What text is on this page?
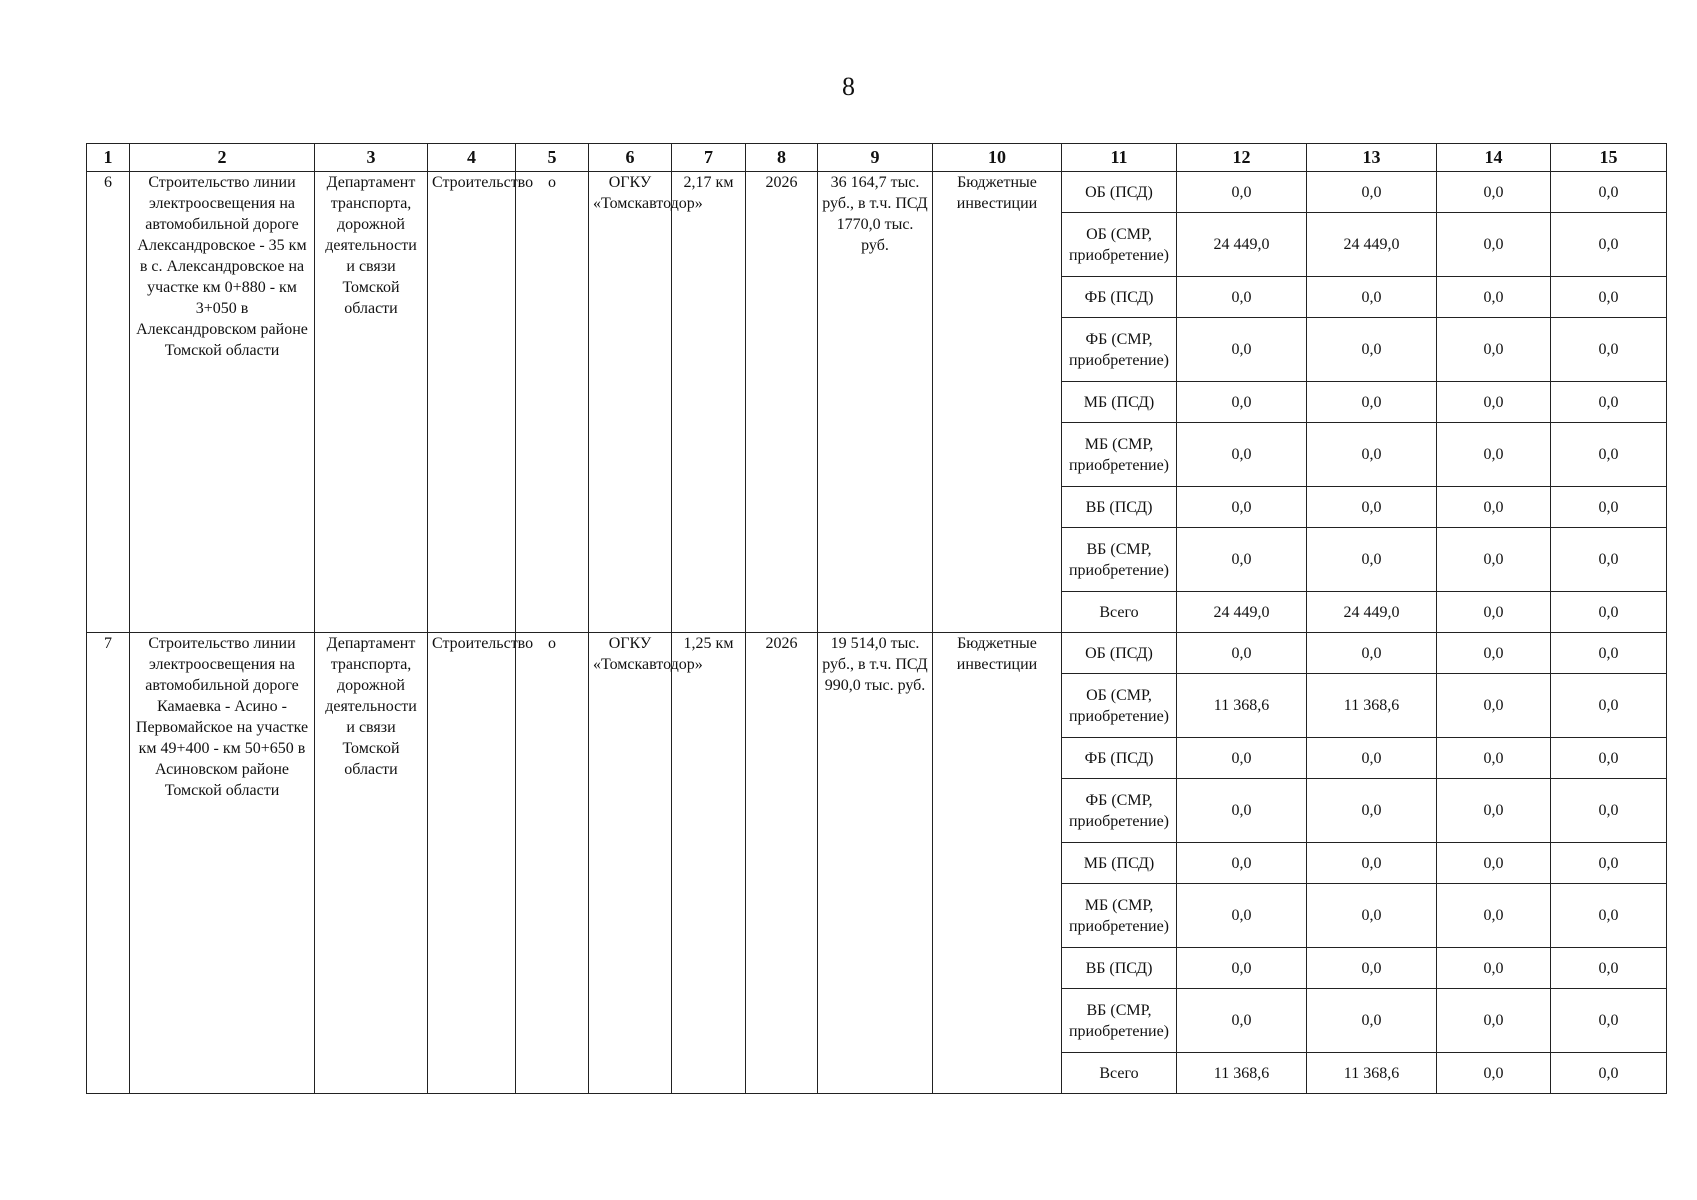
8
1	2	3	4	5	6	7	8	9	10	11	12	13	14	15
6	Строительство линии электроосвещения на автомобильной дороге Александровское - 35 км в с. Александровское на участке км 0+880 - км 3+050 в Александровском районе Томской области	Департамент транспорта, дорожной деятельности и связи Томской области	Строительство	о	ОГКУ «Томскавтодор»	2,17 км	2026	36 164,7 тыс. руб., в т.ч. ПСД 1770,0 тыс. руб.	Бюджетные инвестиции	ОБ (ПСД)	0,0	0,0	0,0	0,0
										ОБ (СМР, приобретение)	24 449,0	24 449,0	0,0	0,0
										ФБ (ПСД)	0,0	0,0	0,0	0,0
										ФБ (СМР, приобретение)	0,0	0,0	0,0	0,0
										МБ (ПСД)	0,0	0,0	0,0	0,0
										МБ (СМР, приобретение)	0,0	0,0	0,0	0,0
										ВБ (ПСД)	0,0	0,0	0,0	0,0
										ВБ (СМР, приобретение)	0,0	0,0	0,0	0,0
										Всего	24 449,0	24 449,0	0,0	0,0
7	Строительство линии электроосвещения на автомобильной дороге Камаевка - Асино - Первомайское на участке км 49+400 - км 50+650 в Асиновском районе Томской области	Департамент транспорта, дорожной деятельности и связи Томской области	Строительство	о	ОГКУ «Томскавтодор»	1,25 км	2026	19 514,0 тыс. руб., в т.ч. ПСД 990,0 тыс. руб.	Бюджетные инвестиции	ОБ (ПСД)	0,0	0,0	0,0	0,0
										ОБ (СМР, приобретение)	11 368,6	11 368,6	0,0	0,0
										ФБ (ПСД)	0,0	0,0	0,0	0,0
										ФБ (СМР, приобретение)	0,0	0,0	0,0	0,0
										МБ (ПСД)	0,0	0,0	0,0	0,0
										МБ (СМР, приобретение)	0,0	0,0	0,0	0,0
										ВБ (ПСД)	0,0	0,0	0,0	0,0
										ВБ (СМР, приобретение)	0,0	0,0	0,0	0,0
										Всего	11 368,6	11 368,6	0,0	0,0
